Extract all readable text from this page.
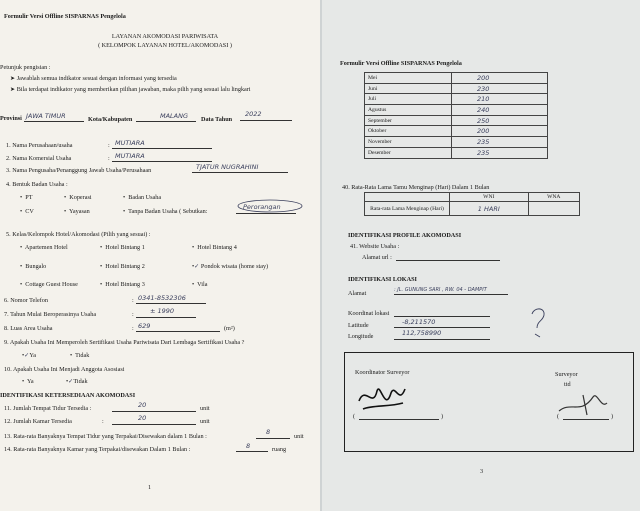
Formulir Versi Offline SISPARNAS Pengelola
LAYANAN AKOMODASI PARIWISATA
( KELOMPOK LAYANAN HOTEL/AKOMODASI )
Petunjuk pengisian :
➤ Jawablah semua indikator sesuai dengan informasi yang tersedia
➤ Bila terdapat indikator yang memberikan pilihan jawaban, maka pilih yang sesuai lalu lingkari
Provinsi JAWA TIMUR	Kota/Kabupaten	MALANG Data Tahun
2022
1. Nama Perusahaan/usaha	: MUTIARA
2. Nama Komersial Usaha	: MUTIARA
3. Nama Pengusaha/Penanggung Jawab Usaha/Perusahaan	TJATUR NUGRAHINI
4. Bentuk Badan Usaha :
•  PT	•  Koperasi	•  Badan Usaha
•  CV	•  Yayasan	•  Tanpa Badan Usaha ( Sebutkan:
Perorangan
5. Kelas/Kelompok Hotel/Akomodasi (Pilih yang sesuai) :
•  Apartemen Hotel	•  Hotel Bintang 1	•  Hotel Bintang 4
•  Bungalo	•  Hotel Bintang 2	•✓ Pondok wisata (home stay)
•  Cottage Guest House	•  Hotel Bintang 3	•  Vila
6. Nomor Telefon	: 0341-8532306
7. Tahun Mulai Beroperasinya Usaha	:	± 1990
8. Luas Area Usaha	: 629	(m²)
9. Apakah Usaha Ini Memperoleh Sertifikasi Usaha Pariwisata Dari Lembaga Sertifikasi Usaha ?
•✓Ya	•  Tidak
10. Apakah Usaha Ini Menjadi Anggota Asosiasi
•  Ya	•✓Tidak
IDENTIFIKASI KETERSEDIAAN AKOMODASI
11. Jumlah Tempat Tidur Tersedia :	20	unit
12. Jumlah Kamar Tersedia	:	20	unit
13. Rata-rata Banyaknya Tempat Tidur yang Terpakai/Disewakan dalam 1 Bulan :
8
unit
14. Rata-rata Banyaknya Kamar yang Terpakai/disewakan Dalam 1 Bulan :	8	ruang
1
Formulir Versi Offline SISPARNAS Pengelola
Mei	200
Juni	230
Juli	210
Agustus	240
September	250
Oktober	200
November	235
Desember	235
40. Rata-Rata Lama Tamu Menginap (Hari) Dalam 1 Bulan
	WNI	WNA
Rata-rata Lama Menginap (Hari)	1 HARI	
IDENTIFIKASI PROFILE AKOMODASI
41. Website Usaha :
Alamat url :
IDENTIFIKASI LOKASI
Alamat	: JL. GUNUNG SARI , RW. 04 - DAMPIT
Koordinat lokasi
Latitude	-8,211570
Longitude	112,758990
Koordinator Surveyor	Surveyor
ttd
(	)	(	)
3
